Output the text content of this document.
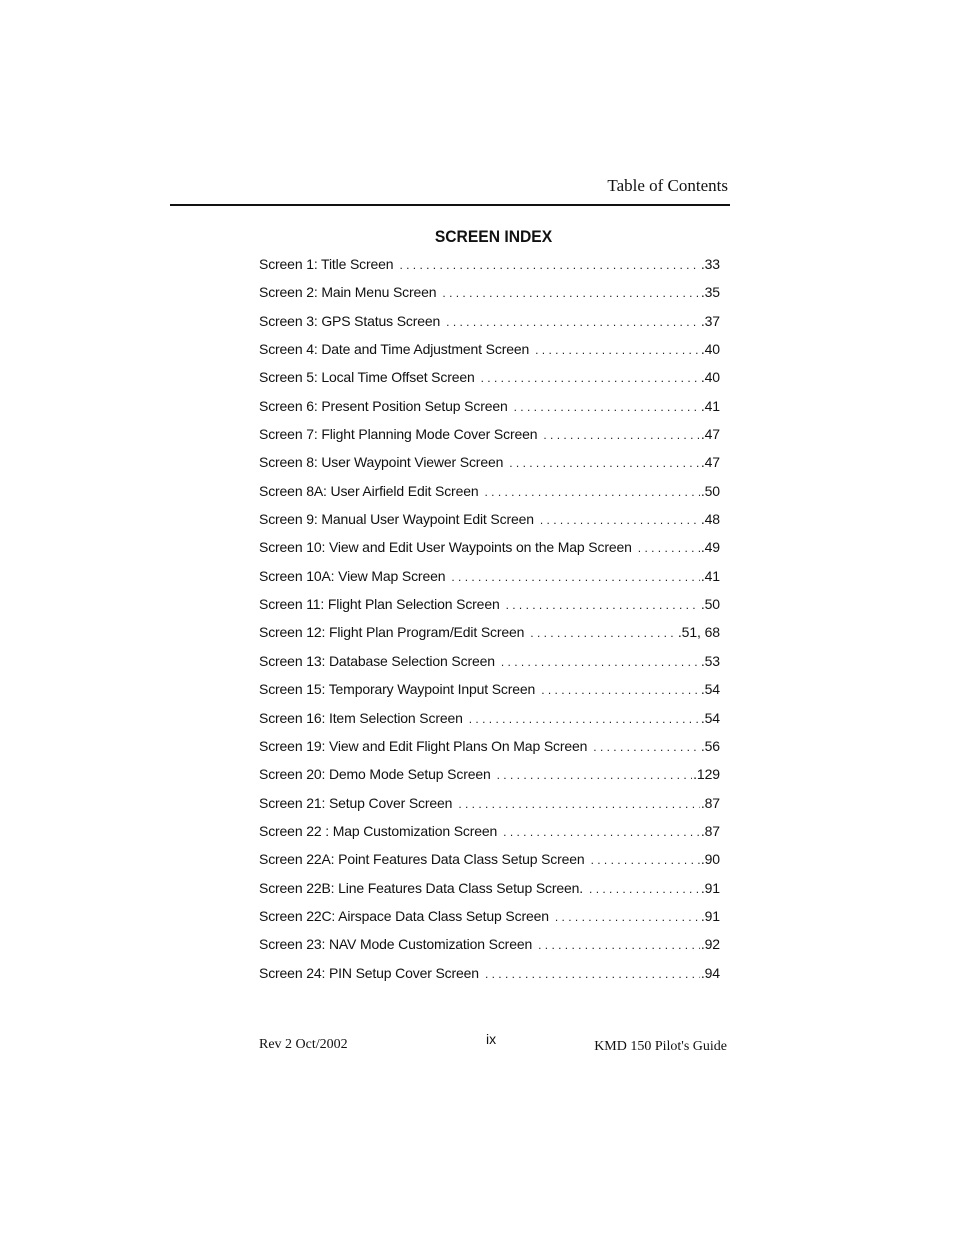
Table of Contents
SCREEN INDEX
Screen 1: Title Screen . . .	.33
Screen 2: Main Menu Screen . . .	.35
Screen 3: GPS Status Screen . . .	.37
Screen 4: Date and Time Adjustment Screen . . .	.40
Screen 5: Local Time Offset Screen . . .	.40
Screen 6: Present Position Setup Screen . . .	.41
Screen 7: Flight Planning Mode Cover Screen . . .	.47
Screen 8: User Waypoint Viewer Screen . . .	.47
Screen 8A: User Airfield Edit Screen . . .	.50
Screen 9: Manual User Waypoint Edit Screen . . .	.48
Screen 10: View and Edit User Waypoints on the Map Screen . . .	.49
Screen 10A: View Map Screen . . .	.41
Screen 11: Flight Plan Selection Screen . . .	.50
Screen 12: Flight Plan Program/Edit Screen . . .	.51, 68
Screen 13: Database Selection Screen . . .	.53
Screen 15: Temporary Waypoint Input Screen . . .	.54
Screen 16: Item Selection Screen . . .	.54
Screen 19: View and Edit Flight Plans On Map Screen . . .	.56
Screen 20: Demo Mode Setup Screen . . .	.129
Screen 21: Setup Cover Screen . . .	.87
Screen 22 : Map Customization Screen . . .	.87
Screen 22A: Point Features Data Class Setup Screen . . .	.90
Screen 22B: Line Features Data Class Setup Screen. . . .	.91
Screen 22C: Airspace Data Class Setup Screen . . .	.91
Screen 23: NAV Mode Customization Screen . . .	.92
Screen 24: PIN Setup Cover Screen . . .	.94
Rev 2 Oct/2002	ix	KMD 150 Pilot's Guide
